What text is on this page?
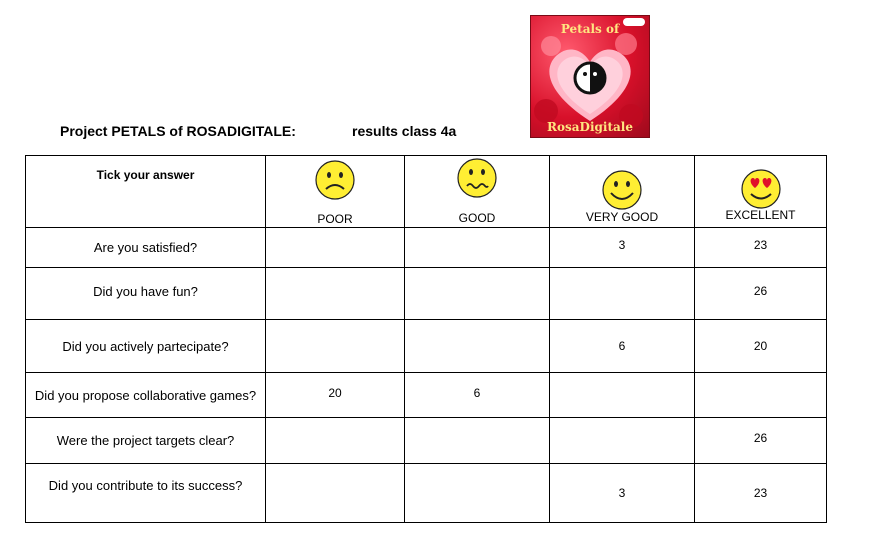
Project PETALS of ROSADIGITALE:	results class 4a
Petals of
RosaDigitale
Tick your answer	POOR	GOOD	VERY GOOD	EXCELLENT

Are you satisfied?			3	23
Did you have fun?				26
Did you actively partecipate?			6	20
Did you propose collaborative games?	20	6		
Were the project targets clear?				26
Did you contribute to its success?			3	23
